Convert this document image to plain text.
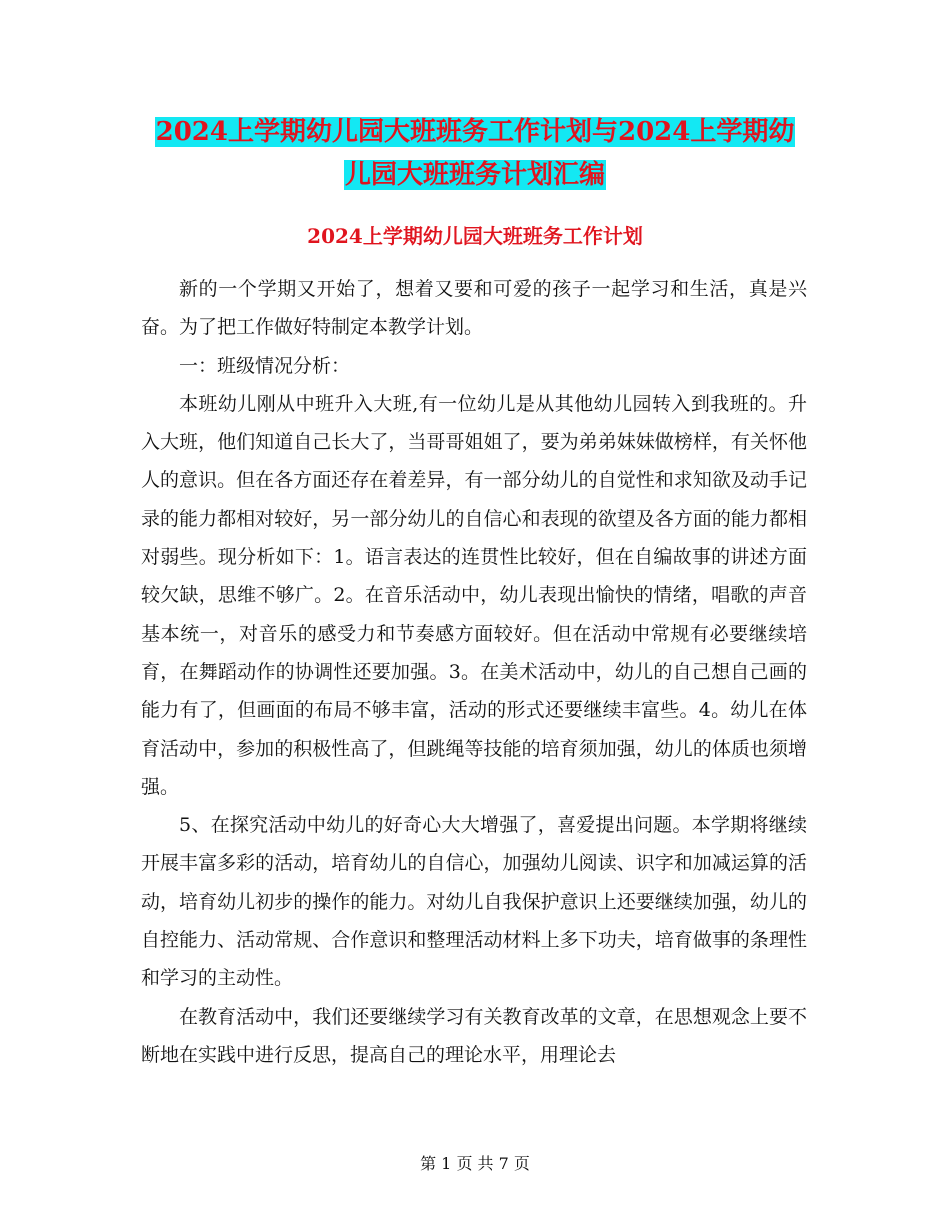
2024上学期幼儿园大班班务工作计划与2024上学期幼
儿园大班班务计划汇编
2024上学期幼儿园大班班务工作计划

新的一个学期又开始了，想着又要和可爱的孩子一起学习和生活，真是兴奋。为了把工作做好特制定本教学计划。

一：班级情况分析：

本班幼儿刚从中班升入大班,有一位幼儿是从其他幼儿园转入到我班的。升入大班，他们知道自己长大了，当哥哥姐姐了，要为弟弟妹妹做榜样，有关怀他人的意识。但在各方面还存在着差异，有一部分幼儿的自觉性和求知欲及动手记录的能力都相对较好，另一部分幼儿的自信心和表现的欲望及各方面的能力都相对弱些。现分析如下：1。语言表达的连贯性比较好，但在自编故事的讲述方面较欠缺，思维不够广。2。在音乐活动中，幼儿表现出愉快的情绪，唱歌的声音基本统一，对音乐的感受力和节奏感方面较好。但在活动中常规有必要继续培育，在舞蹈动作的协调性还要加强。3。在美术活动中，幼儿的自己想自己画的能力有了，但画面的布局不够丰富，活动的形式还要继续丰富些。4。幼儿在体育活动中，参加的积极性高了，但跳绳等技能的培育须加强，幼儿的体质也须增强。

5、在探究活动中幼儿的好奇心大大增强了，喜爱提出问题。本学期将继续开展丰富多彩的活动，培育幼儿的自信心，加强幼儿阅读、识字和加减运算的活动，培育幼儿初步的操作的能力。对幼儿自我保护意识上还要继续加强，幼儿的自控能力、活动常规、合作意识和整理活动材料上多下功夫，培育做事的条理性和学习的主动性。

在教育活动中，我们还要继续学习有关教育改革的文章，在思想观念上要不断地在实践中进行反思，提高自己的理论水平，用理论去

第 1 页 共 7 页
